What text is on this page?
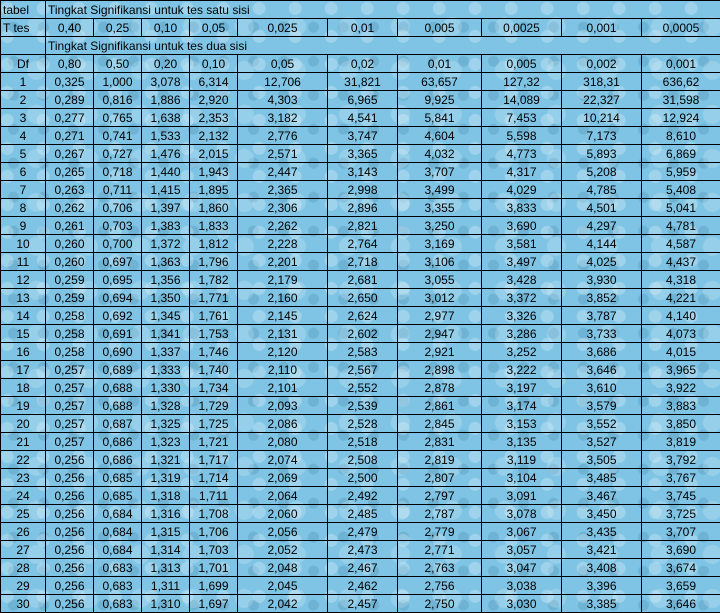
tabel	Tingkat Signifikansi untuk tes satu sisi									
T tes	0,40	0,25	0,10	0,05	0,025	0,01	0,005	0,0025	0,001	0,0005
	Tingkat Signifikansi untuk tes dua sisi									
Df	0,80	0,50	0,20	0,10	0,05	0,02	0,01	0,005	0,002	0,001
1	0,325	1,000	3,078	6,314	12,706	31,821	63,657	127,32	318,31	636,62
2	0,289	0,816	1,886	2,920	4,303	6,965	9,925	14,089	22,327	31,598
3	0,277	0,765	1,638	2,353	3,182	4,541	5,841	7,453	10,214	12,924
4	0,271	0,741	1,533	2,132	2,776	3,747	4,604	5,598	7,173	8,610
5	0,267	0,727	1,476	2,015	2,571	3,365	4,032	4,773	5,893	6,869
6	0,265	0,718	1,440	1,943	2,447	3,143	3,707	4,317	5,208	5,959
7	0,263	0,711	1,415	1,895	2,365	2,998	3,499	4,029	4,785	5,408
8	0,262	0,706	1,397	1,860	2,306	2,896	3,355	3,833	4,501	5,041
9	0,261	0,703	1,383	1,833	2,262	2,821	3,250	3,690	4,297	4,781
10	0,260	0,700	1,372	1,812	2,228	2,764	3,169	3,581	4,144	4,587
11	0,260	0,697	1,363	1,796	2,201	2,718	3,106	3,497	4,025	4,437
12	0,259	0,695	1,356	1,782	2,179	2,681	3,055	3,428	3,930	4,318
13	0,259	0,694	1,350	1,771	2,160	2,650	3,012	3,372	3,852	4,221
14	0,258	0,692	1,345	1,761	2,145	2,624	2,977	3,326	3,787	4,140
15	0,258	0,691	1,341	1,753	2,131	2,602	2,947	3,286	3,733	4,073
16	0,258	0,690	1,337	1,746	2,120	2,583	2,921	3,252	3,686	4,015
17	0,257	0,689	1,333	1,740	2,110	2,567	2,898	3,222	3,646	3,965
18	0,257	0,688	1,330	1,734	2,101	2,552	2,878	3,197	3,610	3,922
19	0,257	0,688	1,328	1,729	2,093	2,539	2,861	3,174	3,579	3,883
20	0,257	0,687	1,325	1,725	2,086	2,528	2,845	3,153	3,552	3,850
21	0,257	0,686	1,323	1,721	2,080	2,518	2,831	3,135	3,527	3,819
22	0,256	0,686	1,321	1,717	2,074	2,508	2,819	3,119	3,505	3,792
23	0,256	0,685	1,319	1,714	2,069	2,500	2,807	3,104	3,485	3,767
24	0,256	0,685	1,318	1,711	2,064	2,492	2,797	3,091	3,467	3,745
25	0,256	0,684	1,316	1,708	2,060	2,485	2,787	3,078	3,450	3,725
26	0,256	0,684	1,315	1,706	2,056	2,479	2,779	3,067	3,435	3,707
27	0,256	0,684	1,314	1,703	2,052	2,473	2,771	3,057	3,421	3,690
28	0,256	0,683	1,313	1,701	2,048	2,467	2,763	3,047	3,408	3,674
29	0,256	0,683	1,311	1,699	2,045	2,462	2,756	3,038	3,396	3,659
30	0,256	0,683	1,310	1,697	2,042	2,457	2,750	3,030	3,385	3,646
